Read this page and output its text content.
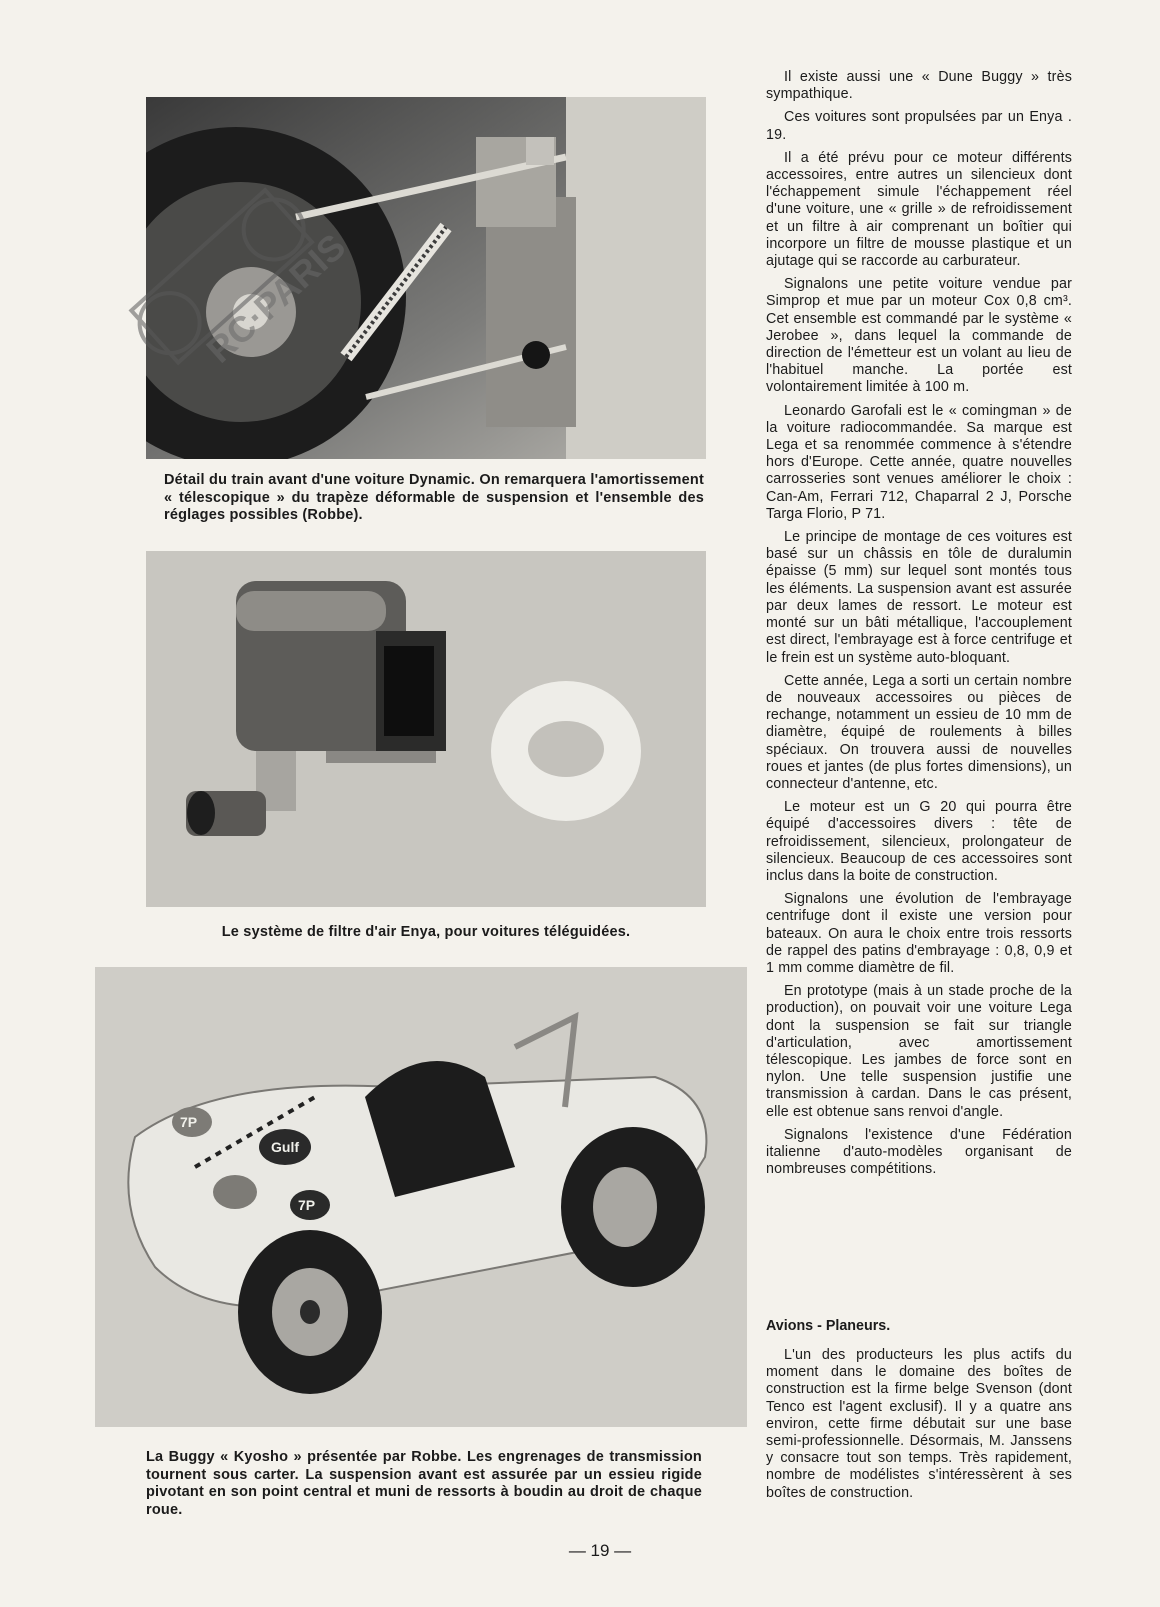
Détail du train avant d'une voiture Dynamic. On remarquera l'amortissement « télescopique » du trapèze déformable de suspension et l'ensemble des réglages possibles (Robbe).
RC·PARIS
Le système de filtre d'air Enya, pour voitures téléguidées.
Gulf
7P
7P
La Buggy « Kyosho » présentée par Robbe. Les engrenages de transmission tournent sous carter. La suspension avant est assurée par un essieu rigide pivotant en son point central et muni de ressorts à boudin au droit de chaque roue.

Il existe aussi une « Dune Buggy » très sympathique.

Ces voitures sont propulsées par un Enya . 19.

Il a été prévu pour ce moteur différents accessoires, entre autres un silencieux dont l'échappement simule l'échappement réel d'une voiture, une « grille » de refroidissement et un filtre à air comprenant un boîtier qui incorpore un filtre de mousse plastique et un ajutage qui se raccorde au carburateur.

Signalons une petite voiture vendue par Simprop et mue par un moteur Cox 0,8 cm³. Cet ensemble est commandé par le système « Jerobee », dans lequel la commande de direction de l'émetteur est un volant au lieu de l'habituel manche. La portée est volontairement limitée à 100 m.

Leonardo Garofali est le « comingman » de la voiture radiocommandée. Sa marque est Lega et sa renommée commence à s'étendre hors d'Europe. Cette année, quatre nouvelles carrosseries sont venues améliorer le choix : Can-Am, Ferrari 712, Chaparral 2 J, Porsche Targa Florio, P 71.

Le principe de montage de ces voitures est basé sur un châssis en tôle de duralumin épaisse (5 mm) sur lequel sont montés tous les éléments. La suspension avant est assurée par deux lames de ressort. Le moteur est monté sur un bâti métallique, l'accouplement est direct, l'embrayage est à force centrifuge et le frein est un système auto-bloquant.

Cette année, Lega a sorti un certain nombre de nouveaux accessoires ou pièces de rechange, notamment un essieu de 10 mm de diamètre, équipé de roulements à billes spéciaux. On trouvera aussi de nouvelles roues et jantes (de plus fortes dimensions), un connecteur d'antenne, etc.

Le moteur est un G 20 qui pourra être équipé d'accessoires divers : tête de refroidissement, silencieux, prolongateur de silencieux. Beaucoup de ces accessoires sont inclus dans la boite de construction.

Signalons une évolution de l'embrayage centrifuge dont il existe une version pour bateaux. On aura le choix entre trois ressorts de rappel des patins d'embrayage : 0,8, 0,9 et 1 mm comme diamètre de fil.

En prototype (mais à un stade proche de la production), on pouvait voir une voiture Lega dont la suspension se fait sur triangle d'articulation, avec amortissement télescopique. Les jambes de force sont en nylon. Une telle suspension justifie une transmission à cardan. Dans le cas présent, elle est obtenue sans renvoi d'angle.

Signalons l'existence d'une Fédération italienne d'auto-modèles organisant de nombreuses compétitions.

Avions - Planeurs.

L'un des producteurs les plus actifs du moment dans le domaine des boîtes de construction est la firme belge Svenson (dont Tenco est l'agent exclusif). Il y a quatre ans environ, cette firme débutait sur une base semi-professionnelle. Désormais, M. Janssens y consacre tout son temps. Très rapidement, nombre de modélistes s'intéressèrent à ses boîtes de construction.

— 19 —
